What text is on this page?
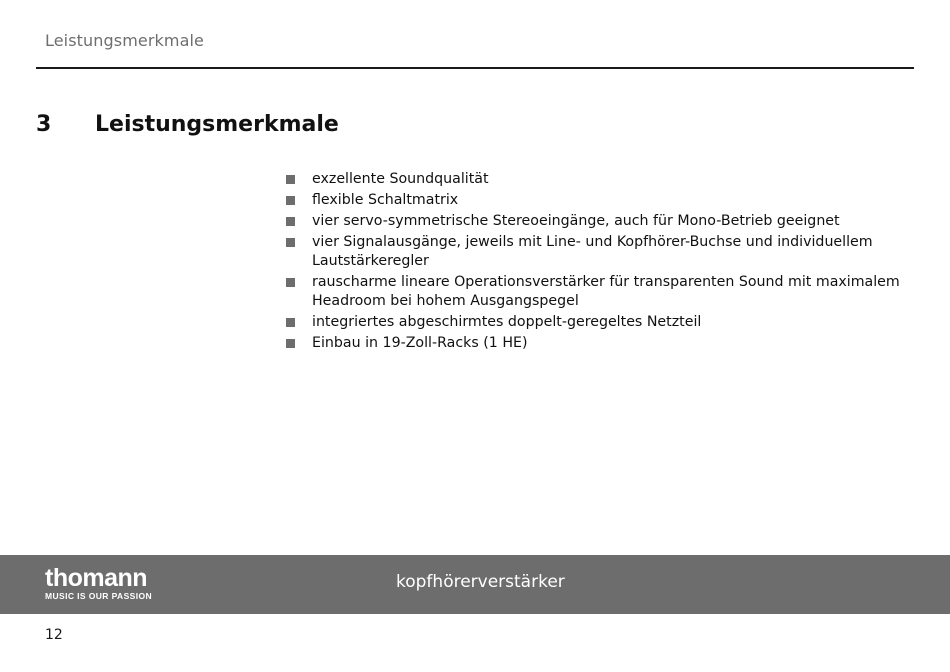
Leistungsmerkmale
3 Leistungsmerkmale
exzellente Soundqualität
flexible Schaltmatrix
vier servo-symmetrische Stereoeingänge, auch für Mono-Betrieb geeignet
vier Signalausgänge, jeweils mit Line- und Kopfhörer-Buchse und individuellem Lautstärkeregler
rauscharme lineare Operationsverstärker für transparenten Sound mit maximalem Headroom bei hohem Ausgangspegel
integriertes abgeschirmtes doppelt-geregeltes Netzteil
Einbau in 19-Zoll-Racks (1 HE)
thomann
MUSIC IS OUR PASSION
kopfhörerverstärker
12
